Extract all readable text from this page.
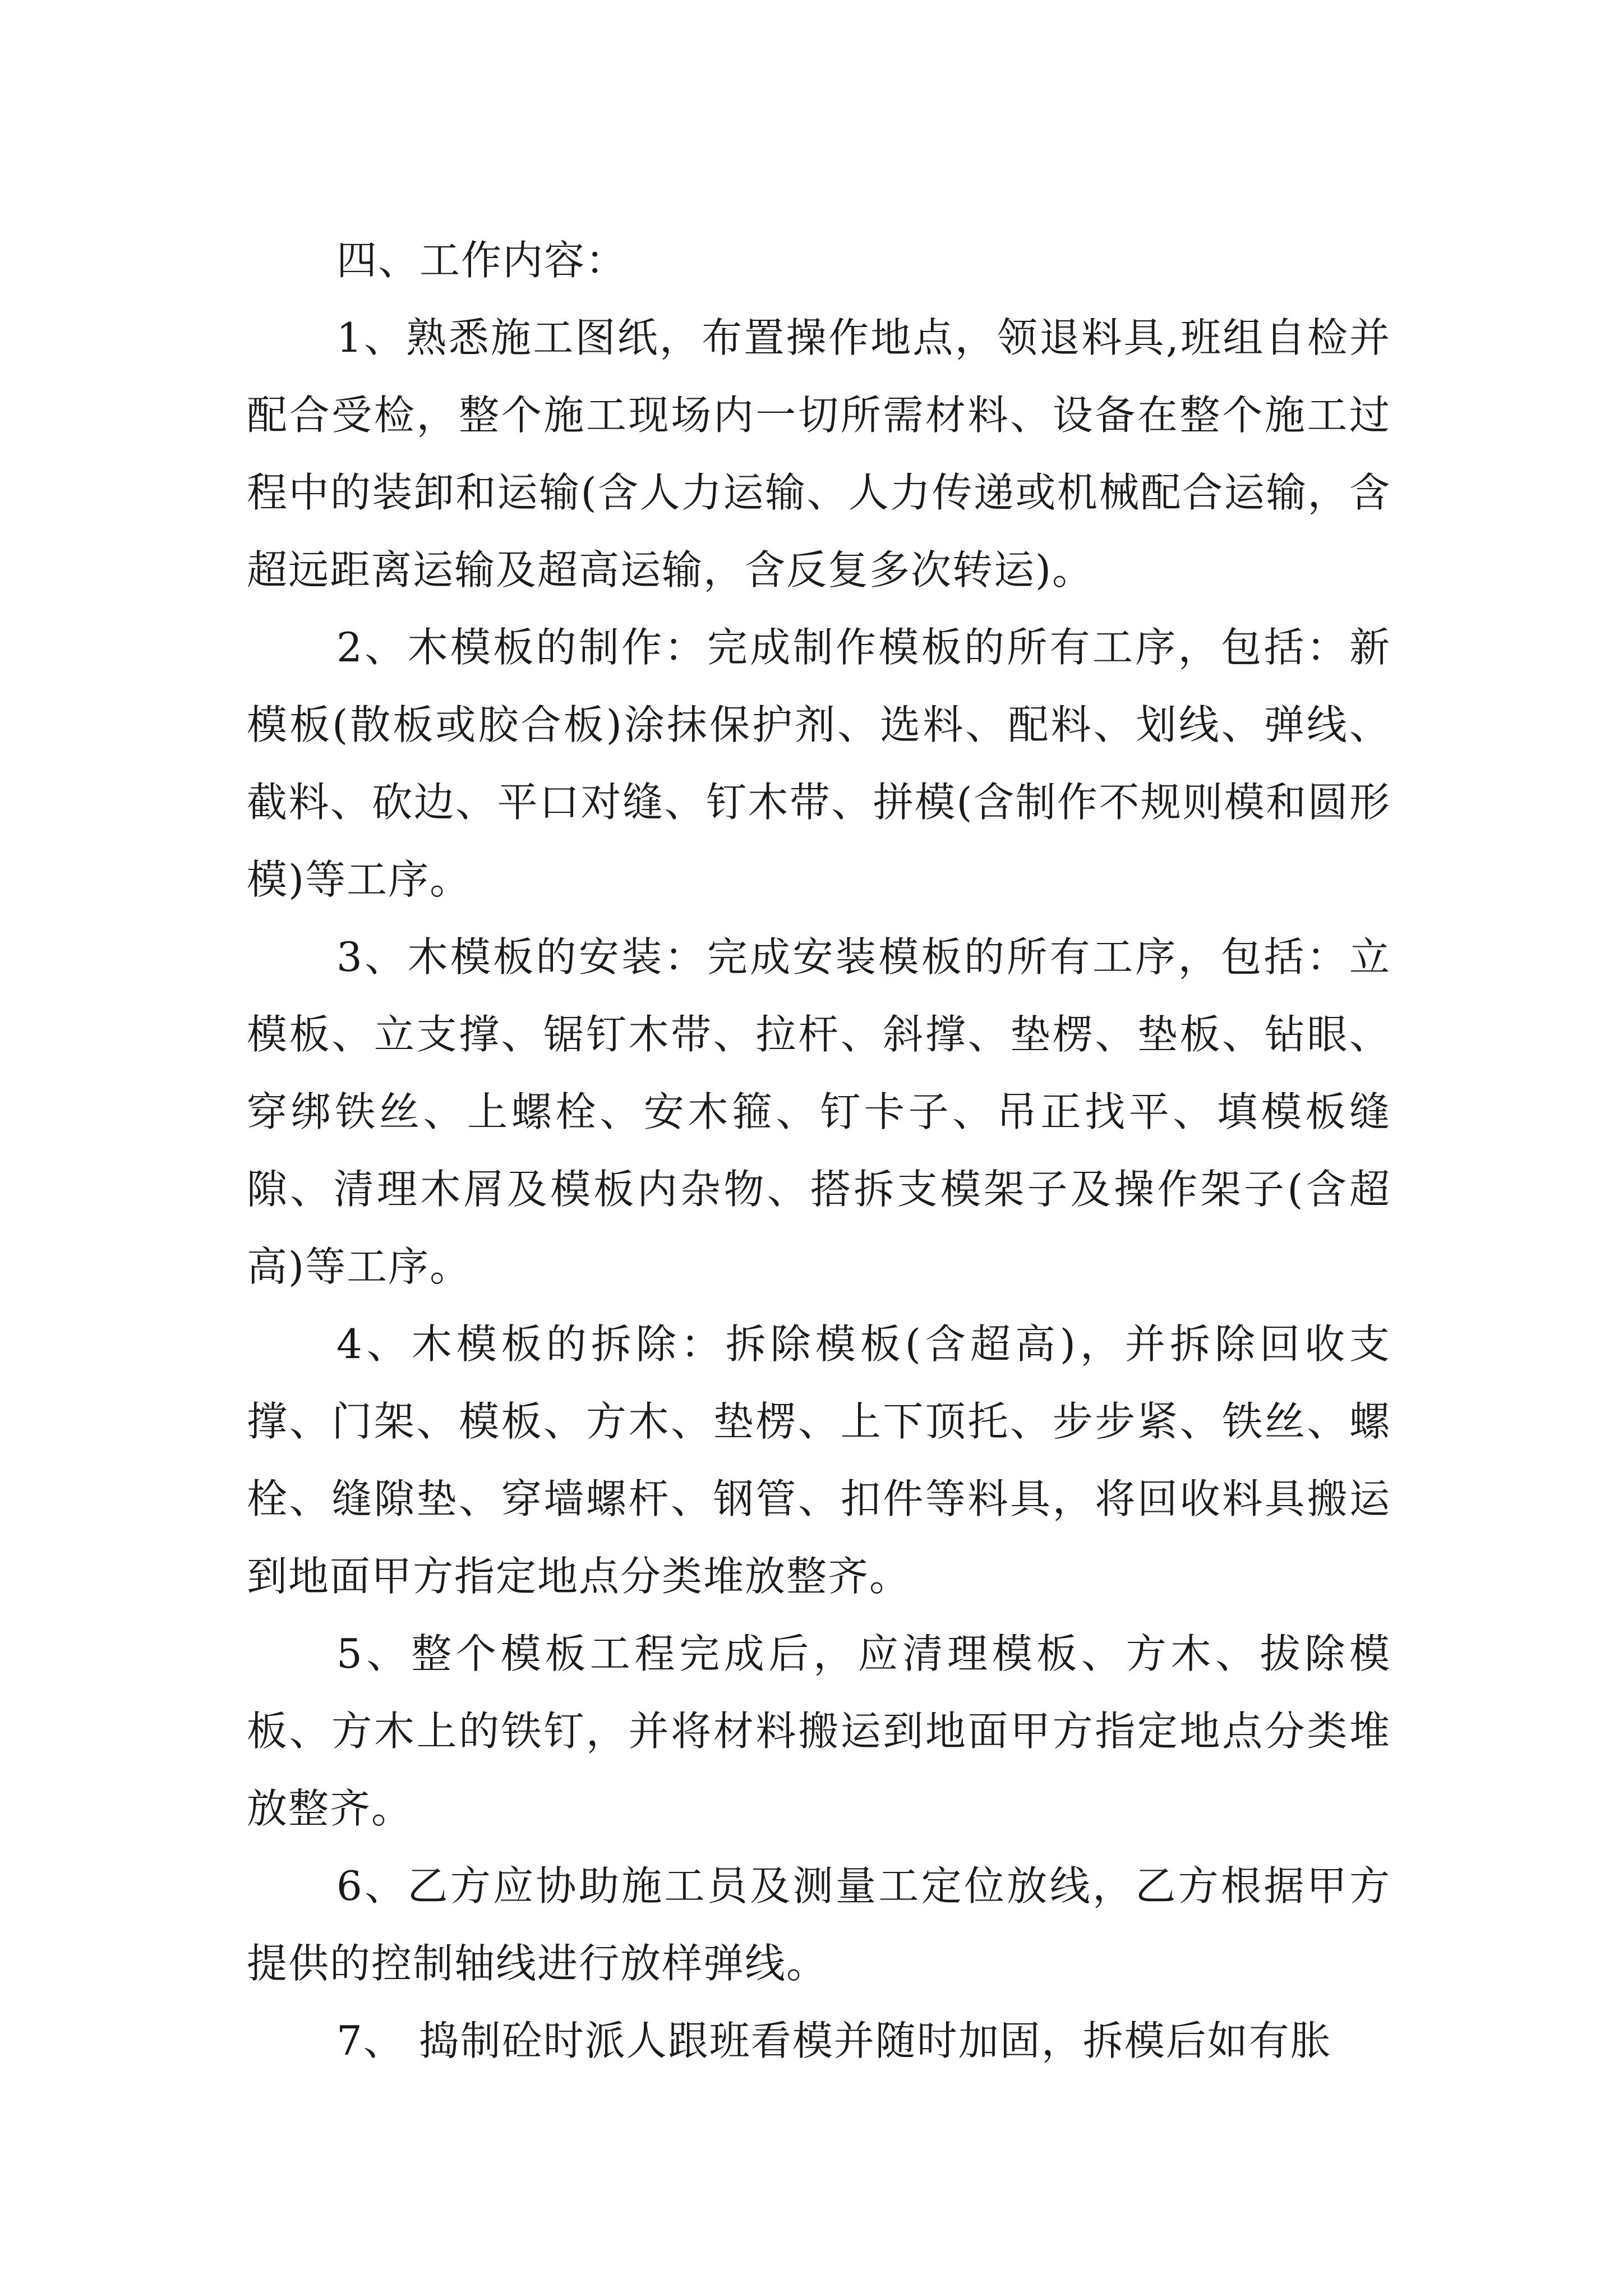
四、工作内容：

1、熟悉施工图纸，布置操作地点，领退料具,班组自检并配合受检，整个施工现场内一切所需材料、设备在整个施工过程中的装卸和运输(含人力运输、人力传递或机械配合运输，含超远距离运输及超高运输，含反复多次转运)。

2、木模板的制作：完成制作模板的所有工序，包括：新模板(散板或胶合板)涂抹保护剂、选料、配料、划线、弹线、截料、砍边、平口对缝、钉木带、拼模(含制作不规则模和圆形模)等工序。

3、木模板的安装：完成安装模板的所有工序，包括：立模板、立支撑、锯钉木带、拉杆、斜撑、垫楞、垫板、钻眼、穿绑铁丝、上螺栓、安木箍、钉卡子、吊正找平、填模板缝隙、清理木屑及模板内杂物、搭拆支模架子及操作架子(含超高)等工序。

4、木模板的拆除：拆除模板(含超高)，并拆除回收支撑、门架、模板、方木、垫楞、上下顶托、步步紧、铁丝、螺栓、缝隙垫、穿墙螺杆、钢管、扣件等料具，将回收料具搬运到地面甲方指定地点分类堆放整齐。

5、整个模板工程完成后，应清理模板、方木、拔除模板、方木上的铁钉，并将材料搬运到地面甲方指定地点分类堆放整齐。

6、乙方应协助施工员及测量工定位放线，乙方根据甲方提供的控制轴线进行放样弹线。

7、 捣制砼时派人跟班看模并随时加固，拆模后如有胀
